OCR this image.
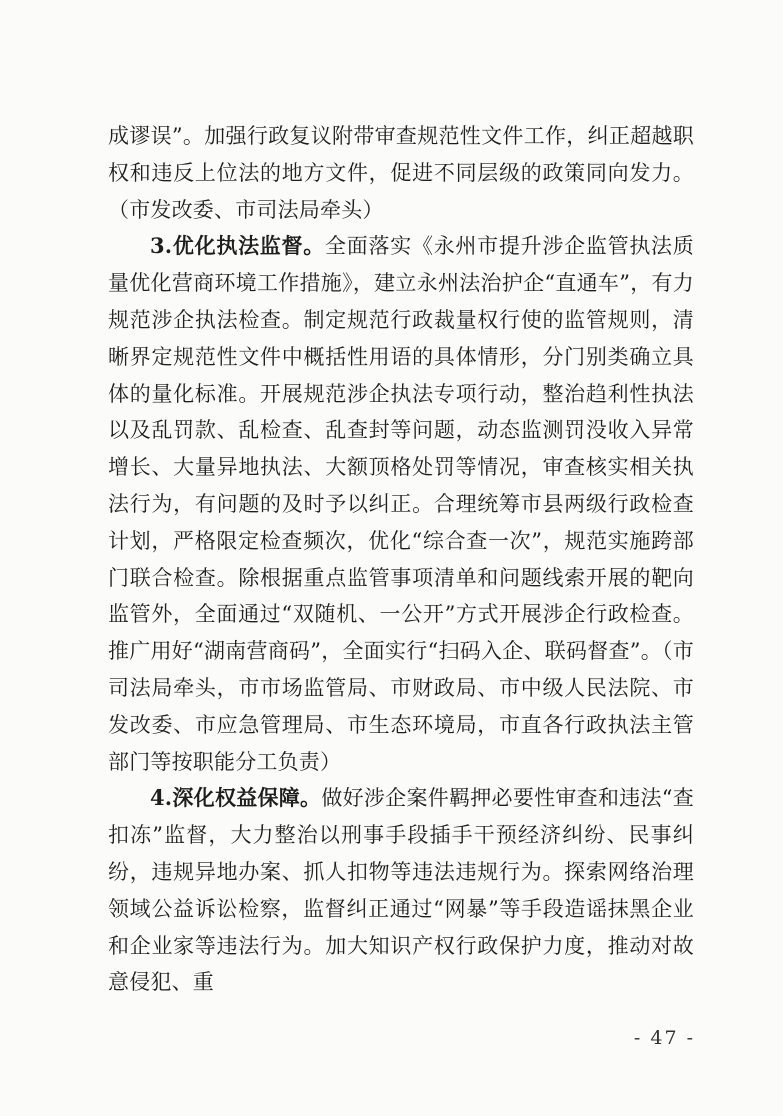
成谬误”。加强行政复议附带审查规范性文件工作，纠正超越职权和违反上位法的地方文件，促进不同层级的政策同向发力。（市发改委、市司法局牵头）

3.优化执法监督。全面落实《永州市提升涉企监管执法质量优化营商环境工作措施》，建立永州法治护企“直通车”，有力规范涉企执法检查。制定规范行政裁量权行使的监管规则，清晰界定规范性文件中概括性用语的具体情形，分门别类确立具体的量化标准。开展规范涉企执法专项行动，整治趋利性执法以及乱罚款、乱检查、乱查封等问题，动态监测罚没收入异常增长、大量异地执法、大额顶格处罚等情况，审查核实相关执法行为，有问题的及时予以纠正。合理统筹市县两级行政检查计划，严格限定检查频次，优化“综合查一次”，规范实施跨部门联合检查。除根据重点监管事项清单和问题线索开展的靶向监管外，全面通过“双随机、一公开”方式开展涉企行政检查。推广用好“湖南营商码”，全面实行“扫码入企、联码督查”。（市司法局牵头，市市场监管局、市财政局、市中级人民法院、市发改委、市应急管理局、市生态环境局，市直各行政执法主管部门等按职能分工负责）

4.深化权益保障。做好涉企案件羁押必要性审查和违法“查扣冻”监督，大力整治以刑事手段插手干预经济纠纷、民事纠纷，违规异地办案、抓人扣物等违法违规行为。探索网络治理领域公益诉讼检察，监督纠正通过“网暴”等手段造谣抹黑企业和企业家等违法行为。加大知识产权行政保护力度，推动对故意侵犯、重

- 47 -
